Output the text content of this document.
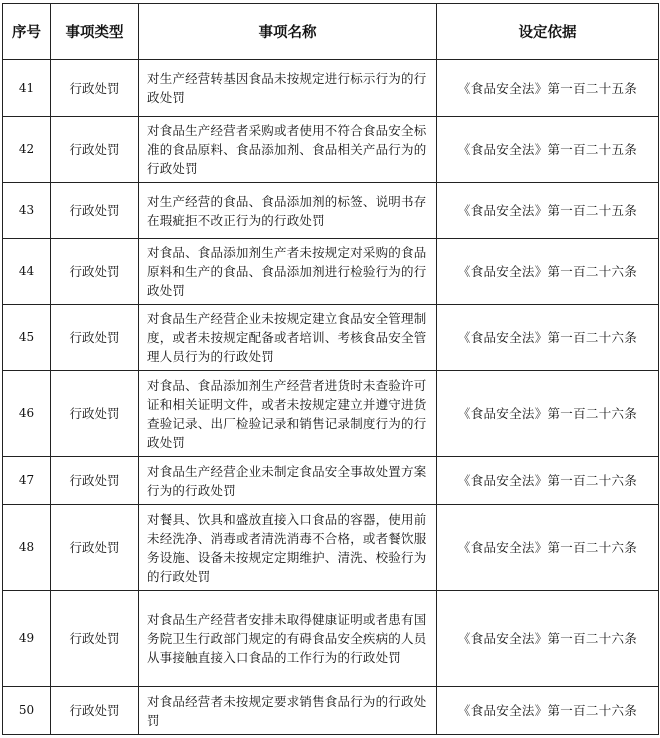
序号	事项类型	事项名称	设定依据
41	行政处罚	对生产经营转基因食品未按规定进行标示行为的行政处罚	《食品安全法》第一百二十五条
42	行政处罚	对食品生产经营者采购或者使用不符合食品安全标准的食品原料、食品添加剂、食品相关产品行为的行政处罚	《食品安全法》第一百二十五条
43	行政处罚	对生产经营的食品、食品添加剂的标签、说明书存在瑕疵拒不改正行为的行政处罚	《食品安全法》第一百二十五条
44	行政处罚	对食品、食品添加剂生产者未按规定对采购的食品原料和生产的食品、食品添加剂进行检验行为的行政处罚	《食品安全法》第一百二十六条
45	行政处罚	对食品生产经营企业未按规定建立食品安全管理制度，或者未按规定配备或者培训、考核食品安全管理人员行为的行政处罚	《食品安全法》第一百二十六条
46	行政处罚	对食品、食品添加剂生产经营者进货时未查验许可证和相关证明文件，或者未按规定建立并遵守进货查验记录、出厂检验记录和销售记录制度行为的行政处罚	《食品安全法》第一百二十六条
47	行政处罚	对食品生产经营企业未制定食品安全事故处置方案行为的行政处罚	《食品安全法》第一百二十六条
48	行政处罚	对餐具、饮具和盛放直接入口食品的容器，使用前未经洗净、消毒或者清洗消毒不合格，或者餐饮服务设施、设备未按规定定期维护、清洗、校验行为的行政处罚	《食品安全法》第一百二十六条
49	行政处罚	对食品生产经营者安排未取得健康证明或者患有国务院卫生行政部门规定的有碍食品安全疾病的人员从事接触直接入口食品的工作行为的行政处罚	《食品安全法》第一百二十六条
50	行政处罚	对食品经营者未按规定要求销售食品行为的行政处罚	《食品安全法》第一百二十六条
